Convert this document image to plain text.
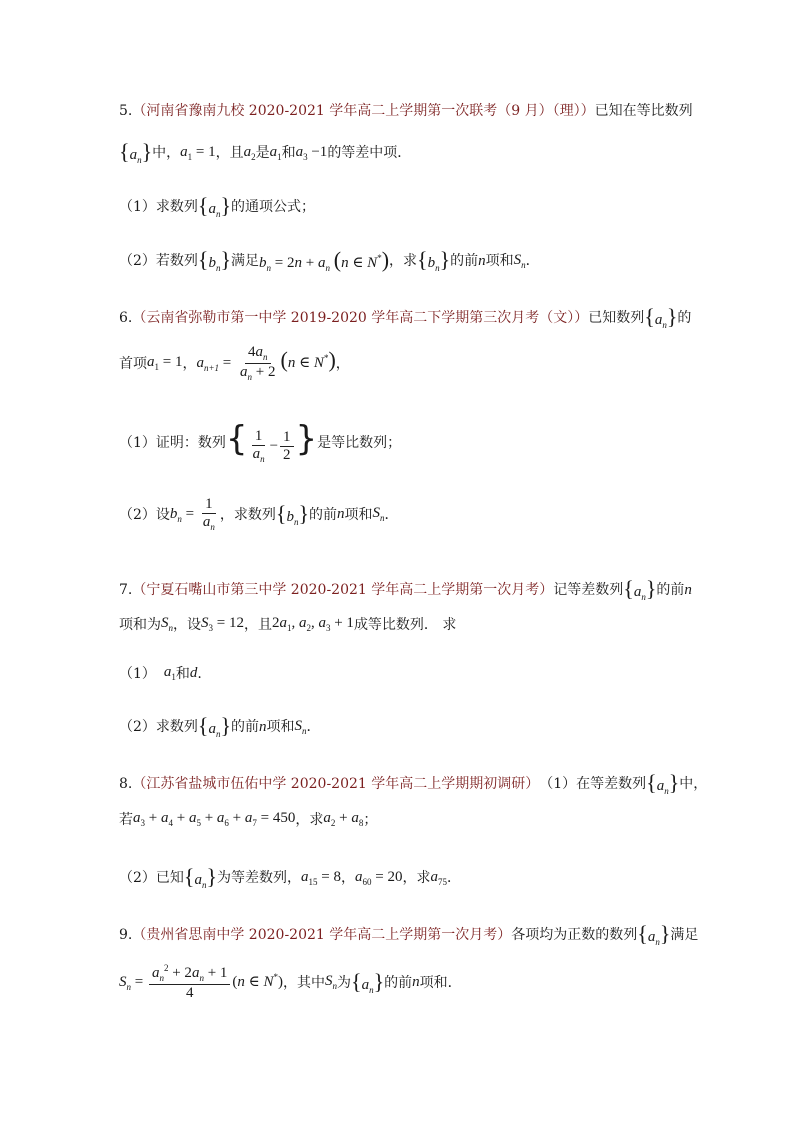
5. （河南省豫南九校 2020-2021 学年高二上学期第一次联考（9 月）（理）） 已知在等比数列
$\{a_n\}$ 中， $a_1 = 1$ ，且 $a_2$ 是 $a_1$ 和 $a_3 -1$ 的等差中项．
（1） 求数列 $\{a_n\}$ 的通项公式；
（2） 若数列 $\{b_n\}$ 满足 $b_n = 2n + a_n$ (n ∈ N*) ，求 $\{b_n\}$ 的前 n 项和 $S_n$ ．
6. （云南省弥勒市第一中学 2019-2020 学年高二下学期第三次月考（文）） 已知数列 $\{a_n\}$ 的
首项 $a_1 = 1$ ， $a_{n+1} = \frac{4a_n}{a_n + 2} (n$ ∈ N*) ，
（1） 证明：数列 { $\frac{1}{a_n} - \frac{1}{2}$ } 是等比数列；
（2） 设 $b_n = \frac{1}{a_n}$ ，求数列 $\{b_n\}$ 的前 n 项和 $S_n$ ．
7. （宁夏石嘴山市第三中学 2020-2021 学年高二上学期第一次月考） 记等差数列 $\{a_n\}$ 的前 n
项和为 $S_n$ ，设 $S_3 = 12$ ，且 $2a_1$, $a_2$, $a_3 + 1$ 成等比数列． 求
（1） $a_1$ 和 d .
（2） 求数列 $\{a_n\}$ 的前 n 项和 $S_n$ ．
8. （江苏省盐城市伍佑中学 2020-2021 学年高二上学期期初调研） （1）在等差数列 $\{a_n\}$ 中，
若 $a_3 + a_4 + a_5 + a_6 + a_7 = 450$ ，求 $a_2 + a_8$ ；
（2） 已知 $\{a_n\}$ 为等差数列， $a_{15} = 8$ ， $a_{60} = 20$ ，求 $a_{75}$ ．
9. （贵州省思南中学 2020-2021 学年高二上学期第一次月考） 各项均为正数的数列 $\{a_n\}$ 满足
$S_n = \frac{a_n^2 + 2a_n + 1}{4} (n$ ∈ N*) ，其中 $S_n$ 为 $\{a_n\}$ 的前 n 项和．
